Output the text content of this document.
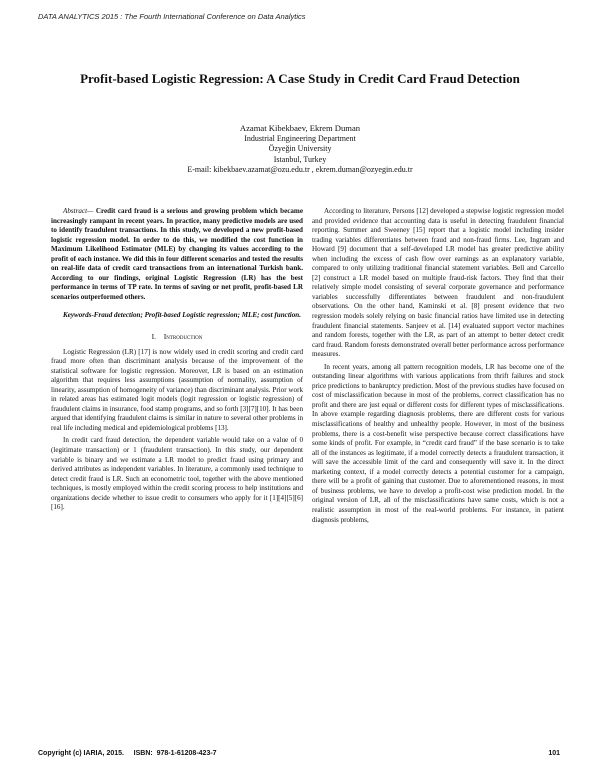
DATA ANALYTICS 2015 : The Fourth International Conference on Data Analytics
Profit-based Logistic Regression: A Case Study in Credit Card Fraud Detection
Azamat Kibekbaev, Ekrem Duman
Industrial Engineering Department
Özyeğin University
Istanbul, Turkey
E-mail: kibekbaev.azamat@ozu.edu.tr , ekrem.duman@ozyegin.edu.tr

Abstract— Credit card fraud is a serious and growing problem which became increasingly rampant in recent years. In practice, many predictive models are used to identify fraudulent transactions. In this study, we developed a new profit-based logistic regression model. In order to do this, we modified the cost function in Maximum Likelihood Estimator (MLE) by changing its values according to the profit of each instance. We did this in four different scenarios and tested the results on real-life data of credit card transactions from an international Turkish bank. According to our findings, original Logistic Regression (LR) has the best performance in terms of TP rate. In terms of saving or net profit, profit-based LR scenarios outperformed others.

Keywords-Fraud detection; Profit-based Logistic regression; MLE; cost function.

I.  Introduction

Logistic Regression (LR) [17] is now widely used in credit scoring and credit card fraud more often than discriminant analysis because of the improvement of the statistical software for logistic regression. Moreover, LR is based on an estimation algorithm that requires less assumptions (assumption of normality, assumption of linearity, assumption of homogeneity of variance) than discriminant analysis. Prior work in related areas has estimated logit models (logit regression or logistic regression) of fraudulent claims in insurance, food stamp programs, and so forth [3][7][10]. It has been argued that identifying fraudulent claims is similar in nature to several other problems in real life including medical and epidemiological problems [13].

In credit card fraud detection, the dependent variable would take on a value of 0 (legitimate transaction) or 1 (fraudulent transaction). In this study, our dependent variable is binary and we estimate a LR model to predict fraud using primary and derived attributes as independent variables. In literature, a commonly used technique to detect credit fraud is LR. Such an econometric tool, together with the above mentioned techniques, is mostly employed within the credit scoring process to help institutions and organizations decide whether to issue credit to consumers who apply for it [1][4][5][6][16].

According to literature, Persons [12] developed a stepwise logistic regression model and provided evidence that accounting data is useful in detecting fraudulent financial reporting. Summer and Sweeney [15] report that a logistic model including insider trading variables differentiates between fraud and non-fraud firms. Lee, Ingram and Howard [9] document that a self-developed LR model has greater predictive ability when including the excess of cash flow over earnings as an explanatory variable, compared to only utilizing traditional financial statement variables. Bell and Carcello [2] construct a LR model based on multiple fraud-risk factors. They find that their relatively simple model consisting of several corporate governance and performance variables successfully differentiates between fraudulent and non-fraudulent observations. On the other hand, Kaminski et al. [8] present evidence that two regression models solely relying on basic financial ratios have limited use in detecting fraudulent financial statements. Sanjeev et al. [14] evaluated support vector machines and random forests, together with the LR, as part of an attempt to better detect credit card fraud. Random forests demonstrated overall better performance across performance measures.

In recent years, among all pattern recognition models, LR has become one of the outstanding linear algorithms with various applications from thrift failures and stock price predictions to bankruptcy prediction. Most of the previous studies have focused on cost of misclassification because in most of the problems, correct classification has no profit and there are just equal or different costs for different types of misclassifications. In above example regarding diagnosis problems, there are different costs for various misclassifications of healthy and unhealthy people. However, in most of the business problems, there is a cost-benefit wise perspective because correct classifications have some kinds of profit. For example, in “credit card fraud” if the base scenario is to take all of the instances as legitimate, if a model correctly detects a fraudulent transaction, it will save the accessible limit of the card and consequently will save it. In the direct marketing context, if a model correctly detects a potential customer for a campaign, there will be a profit of gaining that customer. Due to aforementioned reasons, in most of business problems, we have to develop a profit-cost wise prediction model. In the original version of LR, all of the misclassifications have same costs, which is not a realistic assumption in most of the real-world problems. For instance, in patient diagnosis problems,

Copyright (c) IARIA, 2015.     ISBN:  978-1-61208-423-7	101
